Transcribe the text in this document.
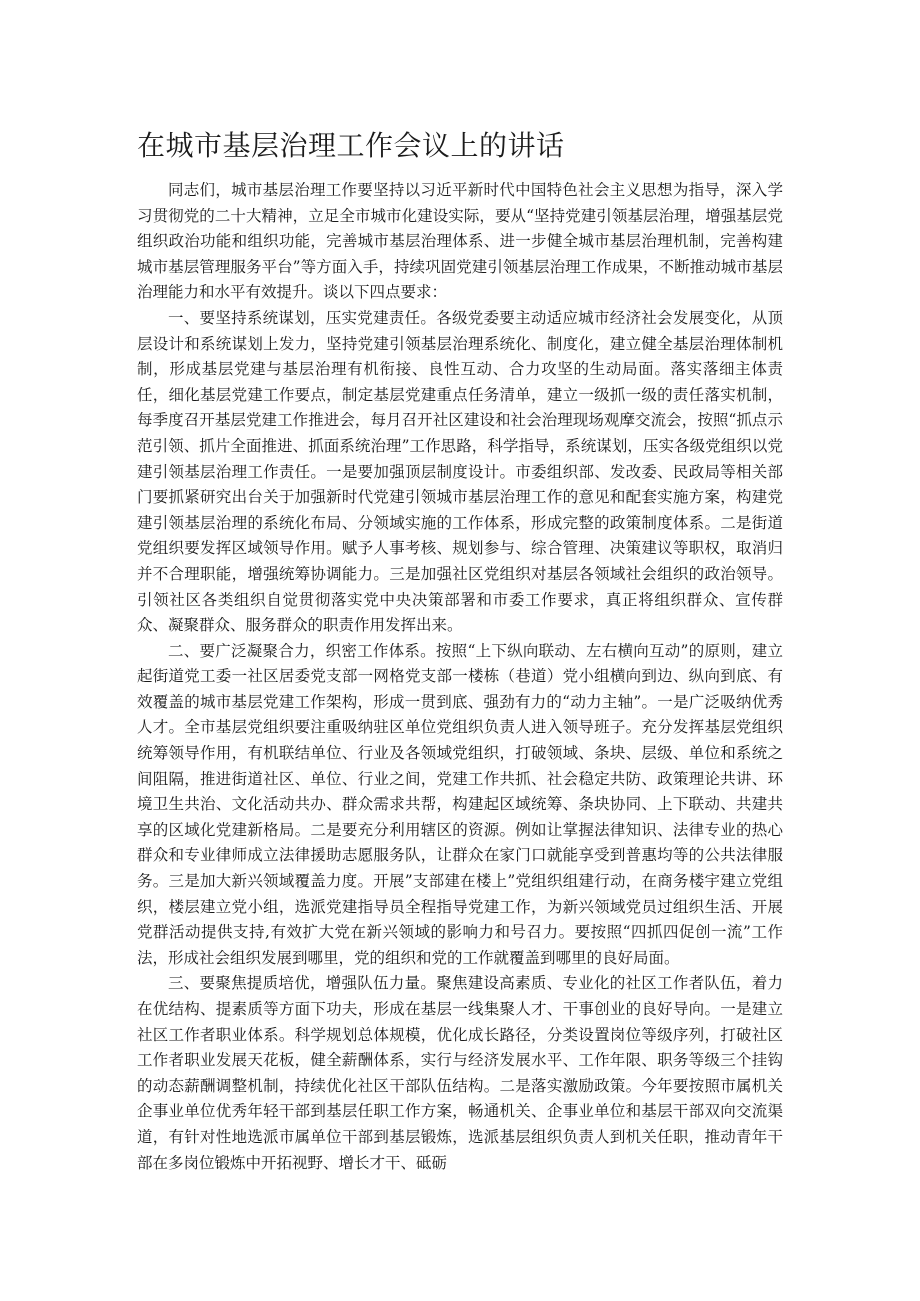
在城市基层治理工作会议上的讲话

同志们，城市基层治理工作要坚持以习近平新时代中国特色社会主义思想为指导，深入学习贯彻党的二十大精神，立足全市城市化建设实际，要从“坚持党建引领基层治理，增强基层党组织政治功能和组织功能，完善城市基层治理体系、进一步健全城市基层治理机制，完善构建城市基层管理服务平台”等方面入手，持续巩固党建引领基层治理工作成果，不断推动城市基层治理能力和水平有效提升。谈以下四点要求：

一、要坚持系统谋划，压实党建责任。各级党委要主动适应城市经济社会发展变化，从顶层设计和系统谋划上发力，坚持党建引领基层治理系统化、制度化，建立健全基层治理体制机制，形成基层党建与基层治理有机衔接、良性互动、合力攻坚的生动局面。落实落细主体责任，细化基层党建工作要点，制定基层党建重点任务清单，建立一级抓一级的责任落实机制，每季度召开基层党建工作推进会，每月召开社区建设和社会治理现场观摩交流会，按照“抓点示范引领、抓片全面推进、抓面系统治理”工作思路，科学指导，系统谋划，压实各级党组织以党建引领基层治理工作责任。一是要加强顶层制度设计。市委组织部、发改委、民政局等相关部门要抓紧研究出台关于加强新时代党建引领城市基层治理工作的意见和配套实施方案，构建党建引领基层治理的系统化布局、分领域实施的工作体系，形成完整的政策制度体系。二是街道党组织要发挥区域领导作用。赋予人事考核、规划参与、综合管理、决策建议等职权，取消归并不合理职能，增强统筹协调能力。三是加强社区党组织对基层各领域社会组织的政治领导。引领社区各类组织自觉贯彻落实党中央决策部署和市委工作要求，真正将组织群众、宣传群众、凝聚群众、服务群众的职责作用发挥出来。

二、要广泛凝聚合力，织密工作体系。按照“上下纵向联动、左右横向互动”的原则，建立起街道党工委一社区居委党支部一网格党支部一楼栋（巷道）党小组横向到边、纵向到底、有效覆盖的城市基层党建工作架构，形成一贯到底、强劲有力的“动力主轴”。一是广泛吸纳优秀人才。全市基层党组织要注重吸纳驻区单位党组织负责人进入领导班子。充分发挥基层党组织统筹领导作用，有机联结单位、行业及各领域党组织，打破领域、条块、层级、单位和系统之间阻隔，推进街道社区、单位、行业之间，党建工作共抓、社会稳定共防、政策理论共讲、环境卫生共治、文化活动共办、群众需求共帮，构建起区域统筹、条块协同、上下联动、共建共享的区域化党建新格局。二是要充分利用辖区的资源。例如让掌握法律知识、法律专业的热心群众和专业律师成立法律援助志愿服务队，让群众在家门口就能享受到普惠均等的公共法律服务。三是加大新兴领域覆盖力度。开展”支部建在楼上”党组织组建行动，在商务楼宇建立党组织，楼层建立党小组，选派党建指导员全程指导党建工作，为新兴领域党员过组织生活、开展党群活动提供支持,有效扩大党在新兴领域的影响力和号召力。要按照“四抓四促创一流”工作法，形成社会组织发展到哪里，党的组织和党的工作就覆盖到哪里的良好局面。

三、要聚焦提质培优，增强队伍力量。聚焦建设高素质、专业化的社区工作者队伍，着力在优结构、提素质等方面下功夫，形成在基层一线集聚人才、干事创业的良好导向。一是建立社区工作者职业体系。科学规划总体规模，优化成长路径，分类设置岗位等级序列，打破社区工作者职业发展天花板，健全薪酬体系，实行与经济发展水平、工作年限、职务等级三个挂钩的动态薪酬调整机制，持续优化社区干部队伍结构。二是落实激励政策。今年要按照市属机关企事业单位优秀年轻干部到基层任职工作方案，畅通机关、企事业单位和基层干部双向交流渠道，有针对性地选派市属单位干部到基层锻炼，选派基层组织负责人到机关任职，推动青年干部在多岗位锻炼中开拓视野、增长才干、砥砺
